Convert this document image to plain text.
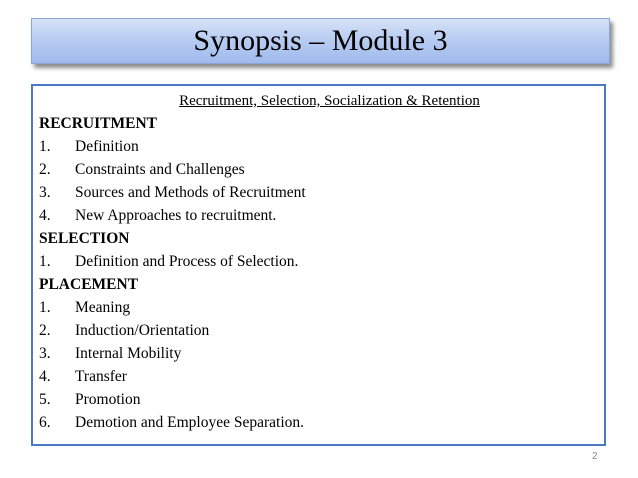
Synopsis – Module 3
Recruitment, Selection, Socialization & Retention
RECRUITMENT
1. Definition
2. Constraints and Challenges
3. Sources and Methods of Recruitment
4. New Approaches to recruitment.
SELECTION
1. Definition and Process of Selection.
PLACEMENT
1. Meaning
2. Induction/Orientation
3. Internal Mobility
4. Transfer
5. Promotion
6. Demotion and Employee Separation.
2
